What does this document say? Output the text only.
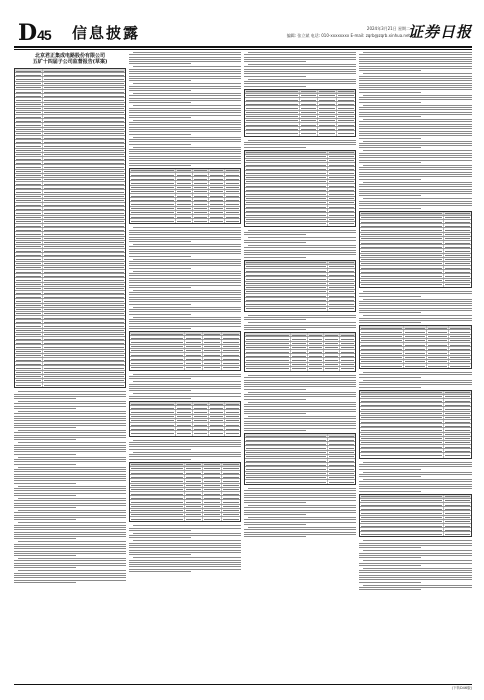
D45 信息披露	2024年3月21日 星期二
编辑: 张立斌 电话: 010-xxxxxxxx E-mail: zqrb@zqrb.xinhua.net
证券日报
北京君正集成电路股份有限公司
五矿十四届子公司监督报告(草案)
(下转D46版)
